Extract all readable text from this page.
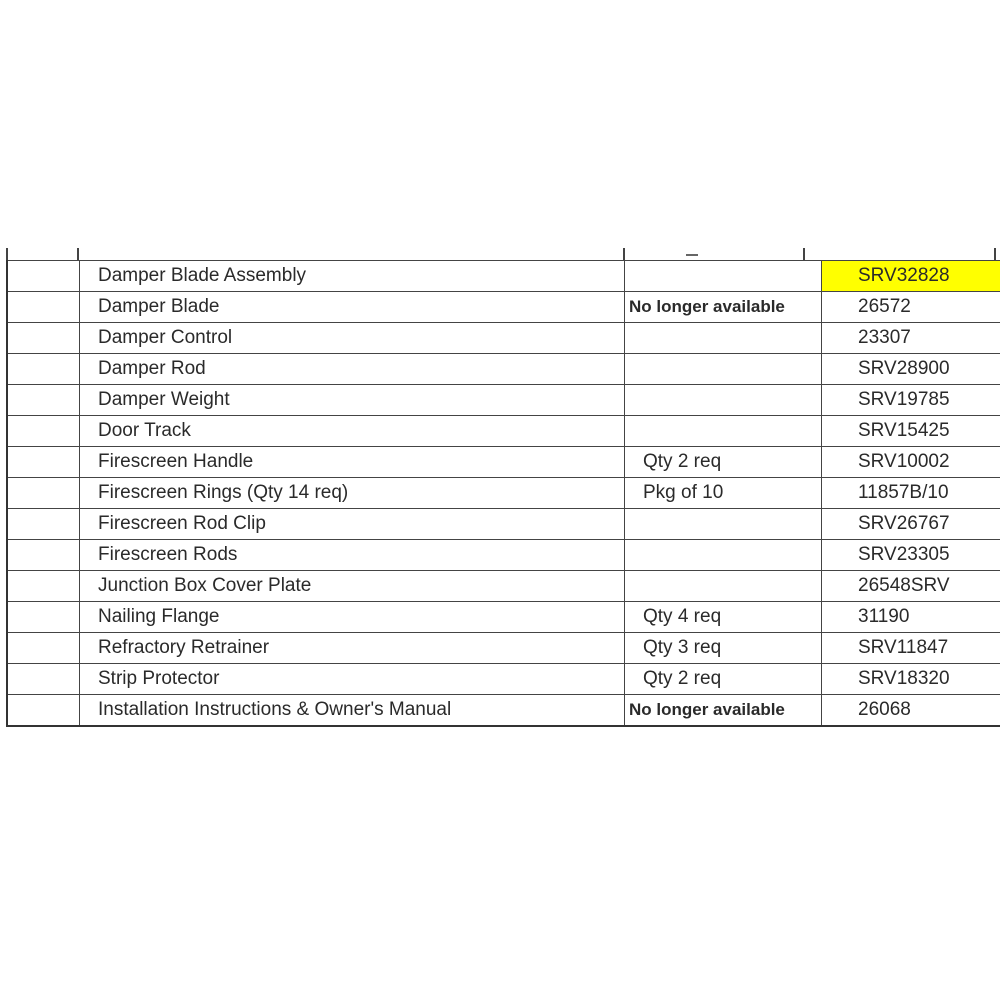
	Damper Blade Assembly		SRV32828
	Damper Blade	No longer available	26572
	Damper Control		23307
	Damper Rod		SRV28900
	Damper Weight		SRV19785
	Door Track		SRV15425
	Firescreen Handle	Qty 2 req	SRV10002
	Firescreen Rings (Qty 14 req)	Pkg of 10	11857B/10
	Firescreen Rod Clip		SRV26767
	Firescreen Rods		SRV23305
	Junction Box Cover Plate		26548SRV
	Nailing Flange	Qty 4 req	31190
	Refractory Retrainer	Qty 3 req	SRV11847
	Strip Protector	Qty 2 req	SRV18320
	Installation Instructions & Owner's Manual	No longer available	26068
